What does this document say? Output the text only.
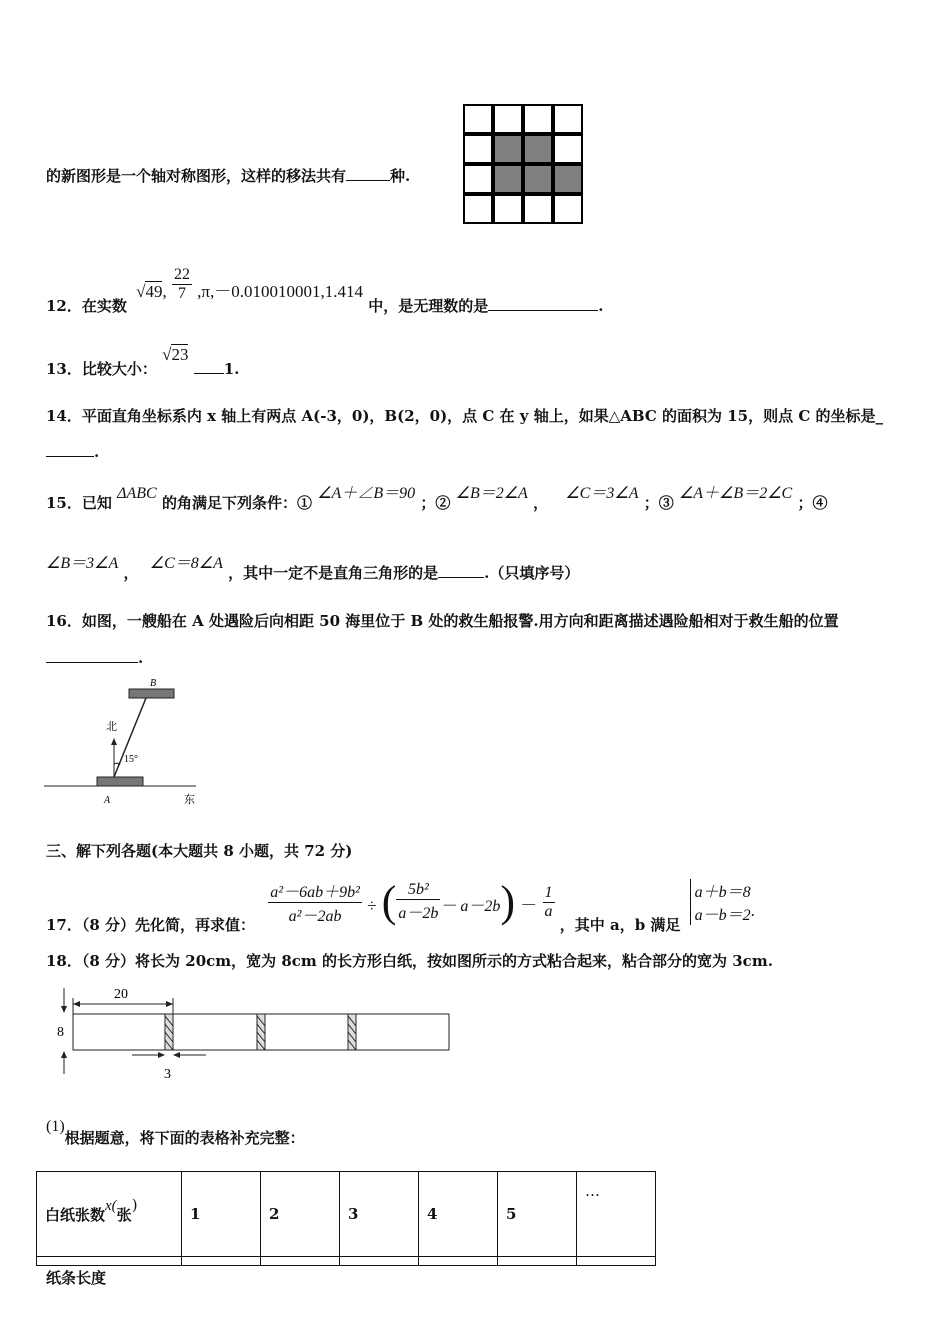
的新图形是一个轴对称图形，这样的移法共有	种.
12．在实数 √49, $\frac{22}{7} ,\pi,-0.010010001,1.414$ 中，是无理数的是	.
13．比较大小： √23 1.
14．平面直角坐标系内 x 轴上有两点 A(-3，0)，B(2，0)，点 C 在 y 轴上，如果△ABC 的面积为 15，则点 C 的坐标是_
.
15．已知 ΔABC 的角满足下列条件：① ∠A＋∠B＝90 ；② ∠B＝2∠A ， ∠C＝3∠A ；③ ∠A＋∠B＝2∠C ；④
∠B＝3∠A ， ∠C＝8∠A ，其中一定不是直角三角形的是	.（只填序号）
16．如图，一艘船在 A 处遇险后向相距 50 海里位于 B 处的救生船报警.用方向和距离描述遇险船相对于救生船的位置
.
B
A
北
东
15°
三、解下列各题(本大题共 8 小题，共 72 分)
17．（8 分）先化简，再求值： $\frac{\text{a²－6ab＋9b²}}{\text{a²－2ab}}$ ÷ ( $\frac{\text{5b²}}{a-2b} - a-2b) - \frac{1}{a}$
，其中 a，b 满足
a＋b＝8
a－b＝2 .
18．（8 分）将长为 20cm，宽为 8cm 的长方形白纸，按如图所示的方式粘合起来，粘合部分的宽为 3cm.
20
8
3
(1)根据题意，将下面的表格补充完整：
白纸张数x(张)	1	2	3	4	5	…

纸条长度
